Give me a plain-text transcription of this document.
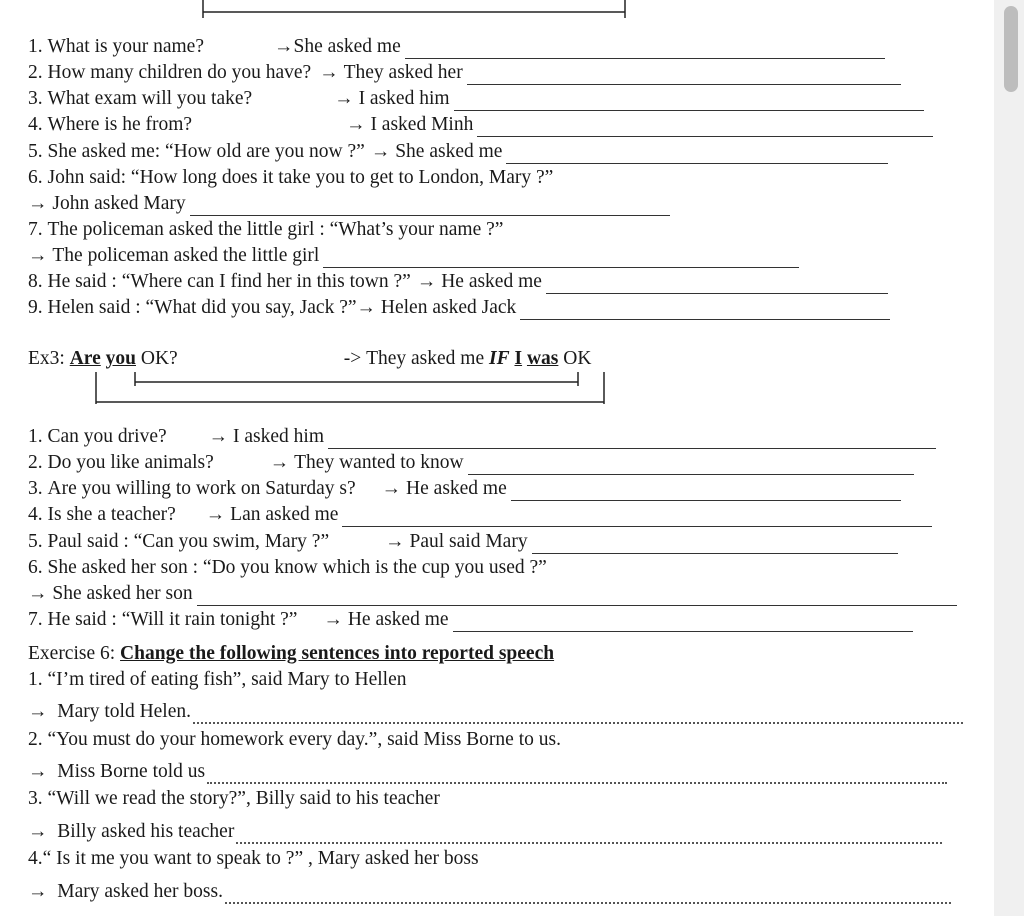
1.
What is your name?	→ She asked me
2.
How many children do you have? →
They asked her
3.
What exam will you take?	→
I asked him
4.
Where is he from?	→
I asked Minh
5.
She asked me: “How old are you now ?” →
She asked me
6.
John said: “How long does it take you to get to London, Mary ?”
→
John asked Mary
7.
The policeman asked the little girl : “What’s your name ?”
→
The policeman asked the little girl
8.
He said : “Where can I find her in this town ?” →
He asked me
9.
Helen said : “What did you say, Jack ?” →
Helen asked Jack
Ex3:
Are
you
OK?	->
They asked me
IF
I
was
OK
1.
Can you drive? →
I asked him
2.
Do you like animals?	→
They wanted to know
3.
Are you willing to work on Saturday s? →
He asked me
4.
Is she a teacher? →
Lan asked me
5.
Paul said : “Can you swim, Mary ?”	→
Paul said Mary
6.
She asked her son : “Do you know which is the cup you used ?”
→
She asked her son
7.
He said : “Will it rain tonight ?” →
He asked me
Exercise 6:
Change the following sentences into reported speech
1.
“I’m tired of eating fish”, said Mary to Hellen
→
Mary told Helen.
2.
“You must do your homework every day.”, said Miss Borne to us.
→
Miss Borne told us
3.
“Will we read the story?”, Billy said to his teacher
→
Billy asked his teacher
4. “ Is it me you want to speak to ?” , Mary asked her boss
→
Mary asked her boss.
